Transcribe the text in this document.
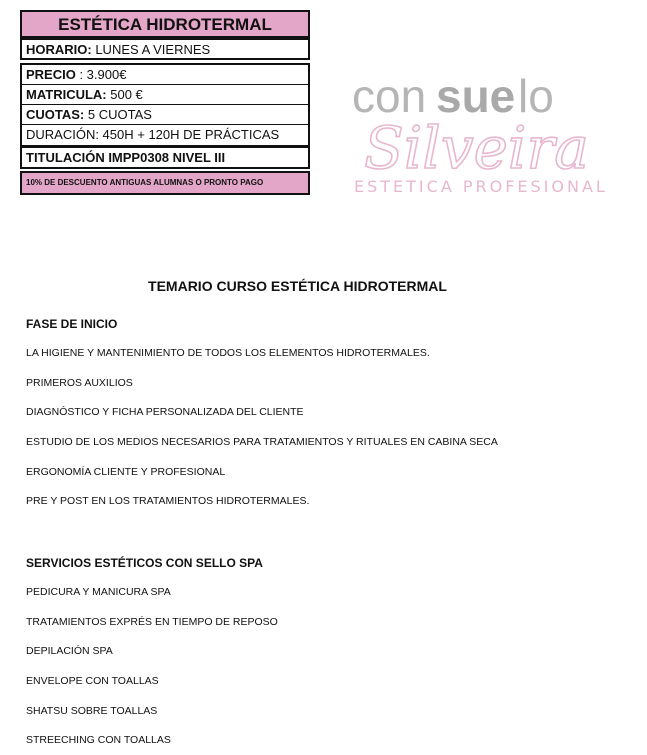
ESTÉTICA HIDROTERMAL
HORARIO: LUNES A VIERNES
PRECIO : 3.900€
MATRICULA: 500 €
CUOTAS: 5 CUOTAS
DURACIÓN: 450H + 120H DE PRÁCTICAS
TITULACIÓN IMPP0308 NIVEL III
10% DE DESCUENTO ANTIGUAS ALUMNAS O PRONTO PAGO
con sue lo
Silveira
ESTETICA PROFESIONAL
TEMARIO CURSO ESTÉTICA HIDROTERMAL
FASE DE INICIO
LA HIGIENE Y MANTENIMIENTO DE TODOS LOS ELEMENTOS HIDROTERMALES.
PRIMEROS AUXILIOS
DIAGNÓSTICO Y FICHA PERSONALIZADA DEL CLIENTE
ESTUDIO DE LOS MEDIOS NECESARIOS PARA TRATAMIENTOS Y RITUALES EN CABINA SECA
ERGONOMÍA CLIENTE Y PROFESIONAL
PRE Y POST EN LOS TRATAMIENTOS HIDROTERMALES.
SERVICIOS ESTÉTICOS CON SELLO SPA
PEDICURA Y MANICURA SPA
TRATAMIENTOS EXPRÉS EN TIEMPO DE REPOSO
DEPILACIÓN SPA
ENVELOPE CON TOALLAS
SHATSU SOBRE TOALLAS
STREECHING CON TOALLAS
